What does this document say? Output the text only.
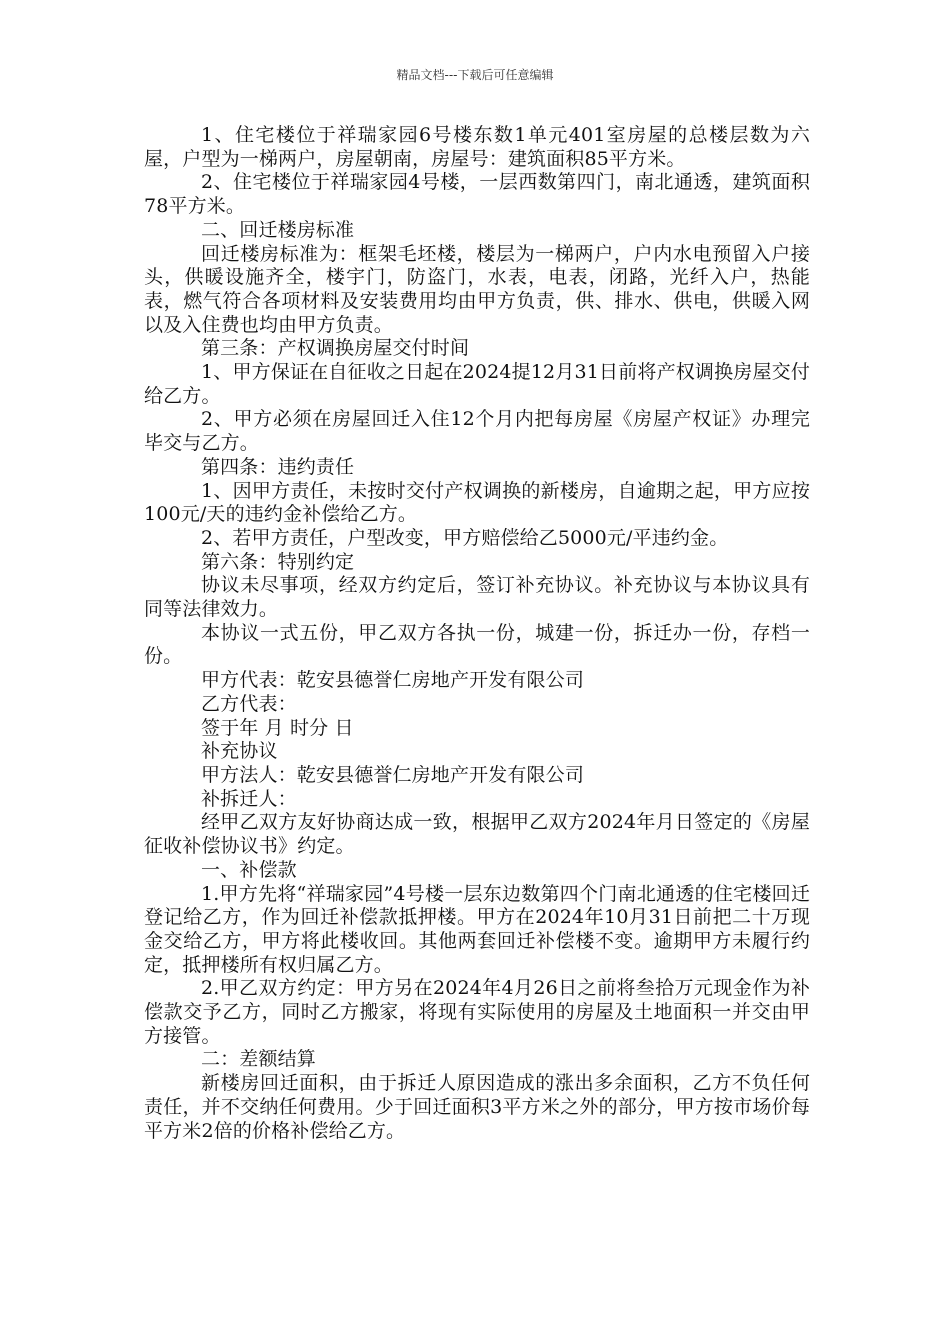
精品文档---下载后可任意编辑

1、住宅楼位于祥瑞家园6号楼东数1单元401室房屋的总楼层数为六屋，户型为一梯两户，房屋朝南，房屋号：建筑面积85平方米。

2、住宅楼位于祥瑞家园4号楼，一层西数第四门，南北通透，建筑面积78平方米。

二、回迁楼房标准

回迁楼房标准为：框架毛坯楼，楼层为一梯两户，户内水电预留入户接头，供暖设施齐全，楼宇门，防盗门，水表，电表，闭路，光纤入户，热能表，燃气符合各项材料及安装费用均由甲方负责，供、排水、供电，供暖入网以及入住费也均由甲方负责。

第三条：产权调换房屋交付时间

1、甲方保证在自征收之日起在2024提12月31日前将产权调换房屋交付给乙方。

2、甲方必须在房屋回迁入住12个月内把每房屋《房屋产权证》办理完毕交与乙方。

第四条：违约责任

1、因甲方责任，未按时交付产权调换的新楼房，自逾期之起，甲方应按100元/天的违约金补偿给乙方。

2、若甲方责任，户型改变，甲方赔偿给乙5000元/平违约金。

第六条：特别约定

协议未尽事项，经双方约定后，签订补充协议。补充协议与本协议具有同等法律效力。

本协议一式五份，甲乙双方各执一份，城建一份，拆迁办一份，存档一份。

甲方代表：乾安县德誉仁房地产开发有限公司

乙方代表：

签于年 月 时分 日

补充协议

甲方法人：乾安县德誉仁房地产开发有限公司

补拆迁人：

经甲乙双方友好协商达成一致，根据甲乙双方2024年月日签定的《房屋征收补偿协议书》约定。

一、补偿款

1.甲方先将“祥瑞家园”4号楼一层东边数第四个门南北通透的住宅楼回迁登记给乙方，作为回迁补偿款抵押楼。甲方在2024年10月31日前把二十万现金交给乙方，甲方将此楼收回。其他两套回迁补偿楼不变。逾期甲方未履行约定，抵押楼所有权归属乙方。

2.甲乙双方约定：甲方另在2024年4月26日之前将叁拾万元现金作为补偿款交予乙方，同时乙方搬家，将现有实际使用的房屋及土地面积一并交由甲方接管。

二：差额结算

新楼房回迁面积，由于拆迁人原因造成的涨出多余面积，乙方不负任何责任，并不交纳任何费用。少于回迁面积3平方米之外的部分，甲方按市场价每平方米2倍的价格补偿给乙方。
